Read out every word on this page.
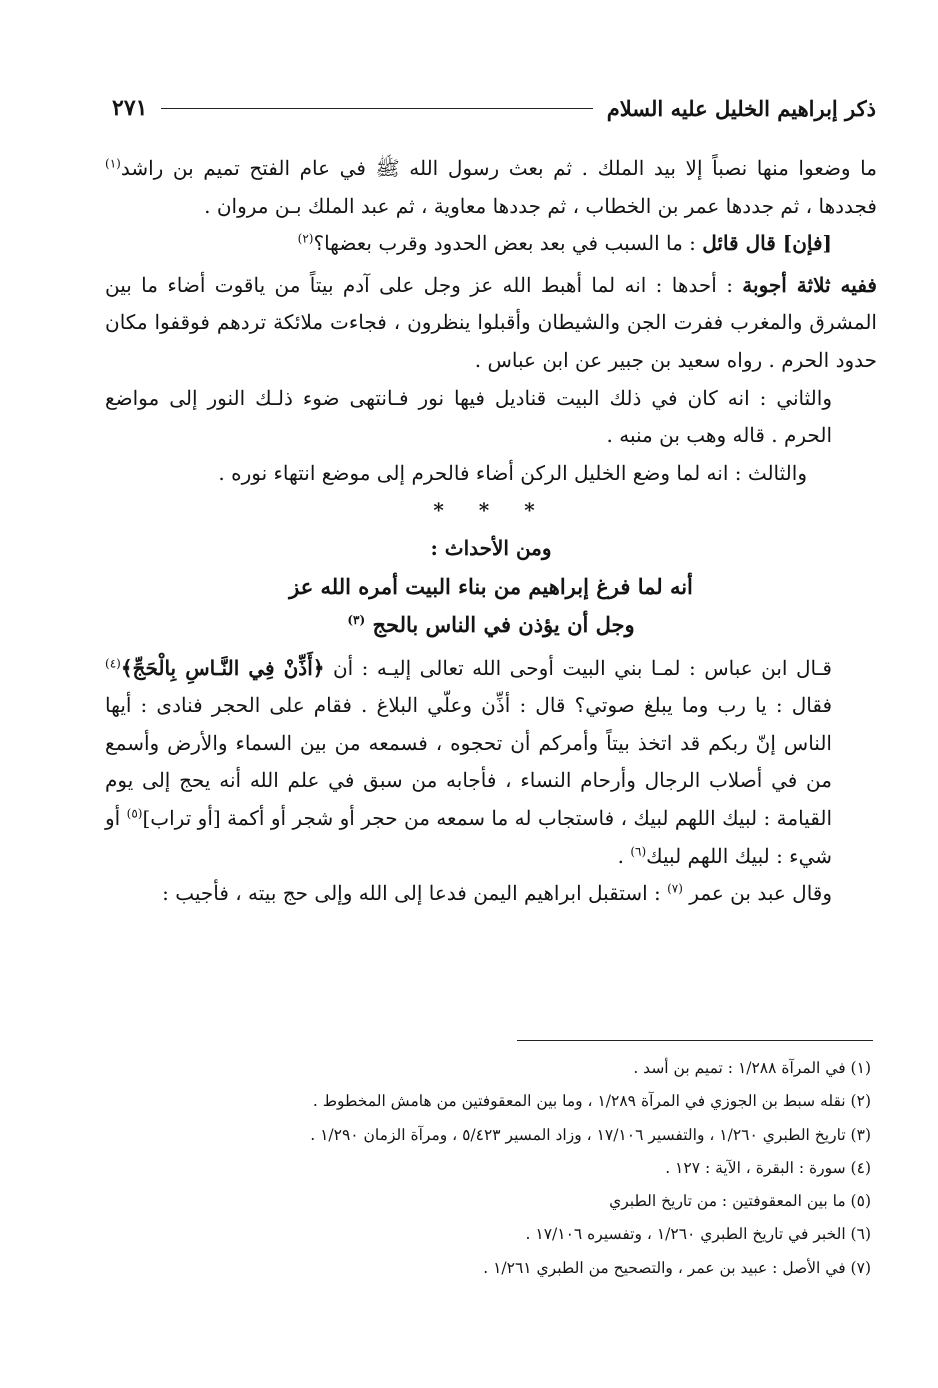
ذكر إبراهيم الخليل عليه السلام
٢٧١

ما وضعوا منها نصباً إلا بيد الملك . ثم بعث رسول الله ﷺ في عام الفتح تميم بن راشد$^{(١)}$ فجددها ، ثم جددها عمر بن الخطاب ، ثم جددها معاوية ، ثم عبد الملك بـن مروان .

[فإن] قال قائل : ما السبب في بعد بعض الحدود وقرب بعضها؟$^{(٢)}$

ففيه ثلاثة أجوبة : أحدها : انه لما أهبط الله عز وجل على آدم بيتاً من ياقوت أضاء ما بين المشرق والمغرب ففرت الجن والشيطان وأقبلوا ينظرون ، فجاءت ملائكة تردهم فوقفوا مكان حدود الحرم . رواه سعيد بن جبير عن ابن عباس .

والثاني : انه كان في ذلك البيت قناديل فيها نور فـانتهى ضوء ذلـك النور إلى مواضع الحرم . قاله وهب بن منبه .

والثالث : انه لما وضع الخليل الركن أضاء فالحرم إلى موضع انتهاء نوره .

* * *

ومن الأحداث :

أنه لما فرغ إبراهيم من بناء البيت أمره الله عز

وجل أن يؤذن في الناس بالحج $^{(٣)}$

قـال ابن عباس : لمـا بني البيت أوحى الله تعالى إليـه : أن ﴿أَذِّنْ فِي النَّـاسِ بِالْحَجِّ﴾$^{(٤)}$ فقال : يا رب وما يبلغ صوتي؟ قال : أذِّن وعلّي البلاغ . فقام على الحجر فنادى : أيها الناس إنّ ربكم قد اتخذ بيتاً وأمركم أن تحجوه ، فسمعه من بين السماء والأرض وأسمع من في أصلاب الرجال وأرحام النساء ، فأجابه من سبق في علم الله أنه يحج إلى يوم القيامة : لبيك اللهم لبيك ، فاستجاب له ما سمعه من حجر أو شجر أو أكمة [أو تراب]$^{(٥)}$ أو شيء : لبيك اللهم لبيك$^{(٦)}$ .

وقال عبد بن عمر $^{(٧)}$ : استقبل ابراهيم اليمن فدعا إلى الله وإلى حج بيته ، فأجيب :

(١) في المرآة ١/٢٨٨ : تميم بن أسد .

(٢) نقله سبط بن الجوزي في المرآة ١/٢٨٩ ، وما بين المعقوفتين من هامش المخطوط .

(٣) تاريخ الطبري ١/٢٦٠ ، والتفسير ١٧/١٠٦ ، وزاد المسير ٥/٤٢٣ ، ومرآة الزمان ١/٢٩٠ .

(٤) سورة : البقرة ، الآية : ١٢٧ .

(٥) ما بين المعقوفتين : من تاريخ الطبري

(٦) الخبر في تاريخ الطبري ١/٢٦٠ ، وتفسيره ١٧/١٠٦ .

(٧) في الأصل : عبيد بن عمر ، والتصحيح من الطبري ١/٢٦١ .
